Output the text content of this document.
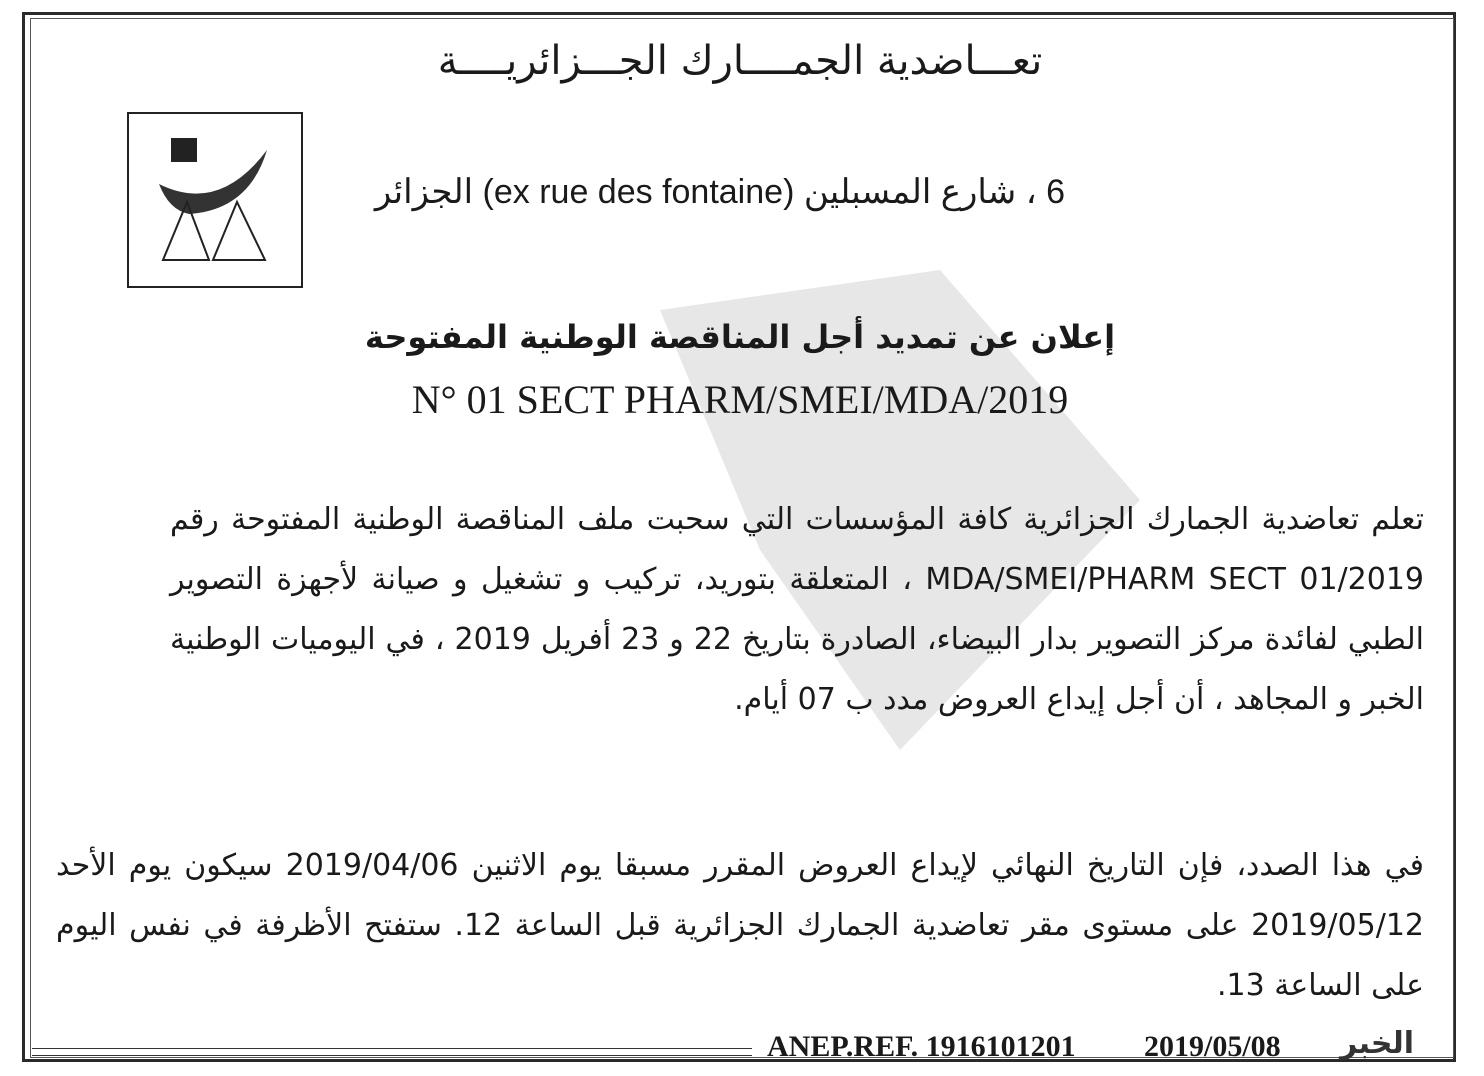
تعـــاضدية الجمــــارك الجـــزائريــــة
6 ، شارع المسبلين (ex rue des fontaine) الجزائر
إعلان عن تمديد أجل المناقصة الوطنية المفتوحة
N° 01 SECT PHARM/SMEI/MDA/2019
تعلم تعاضدية الجمارك الجزائرية كافة المؤسسات التي سحبت ملف المناقصة الوطنية المفتوحة رقم 2019/MDA/SMEI/PHARM SECT 01 ، المتعلقة بتوريد، تركيب و تشغيل و صيانة لأجهزة التصوير الطبي لفائدة مركز التصوير بدار البيضاء، الصادرة بتاريخ 22 و 23 أفريل 2019 ، في اليوميات الوطنية الخبر و المجاهد ، أن أجل إيداع العروض مدد ب 07 أيام.
في هذا الصدد، فإن التاريخ النهائي لإيداع العروض المقرر مسبقا يوم الاثنين 2019/04/06 سيكون يوم الأحد 2019/05/12 على مستوى مقر تعاضدية الجمارك الجزائرية قبل الساعة 12. ستفتح الأظرفة في نفس اليوم على الساعة 13.
ANEP.REF. 1916101201 2019/05/08 الخبر
